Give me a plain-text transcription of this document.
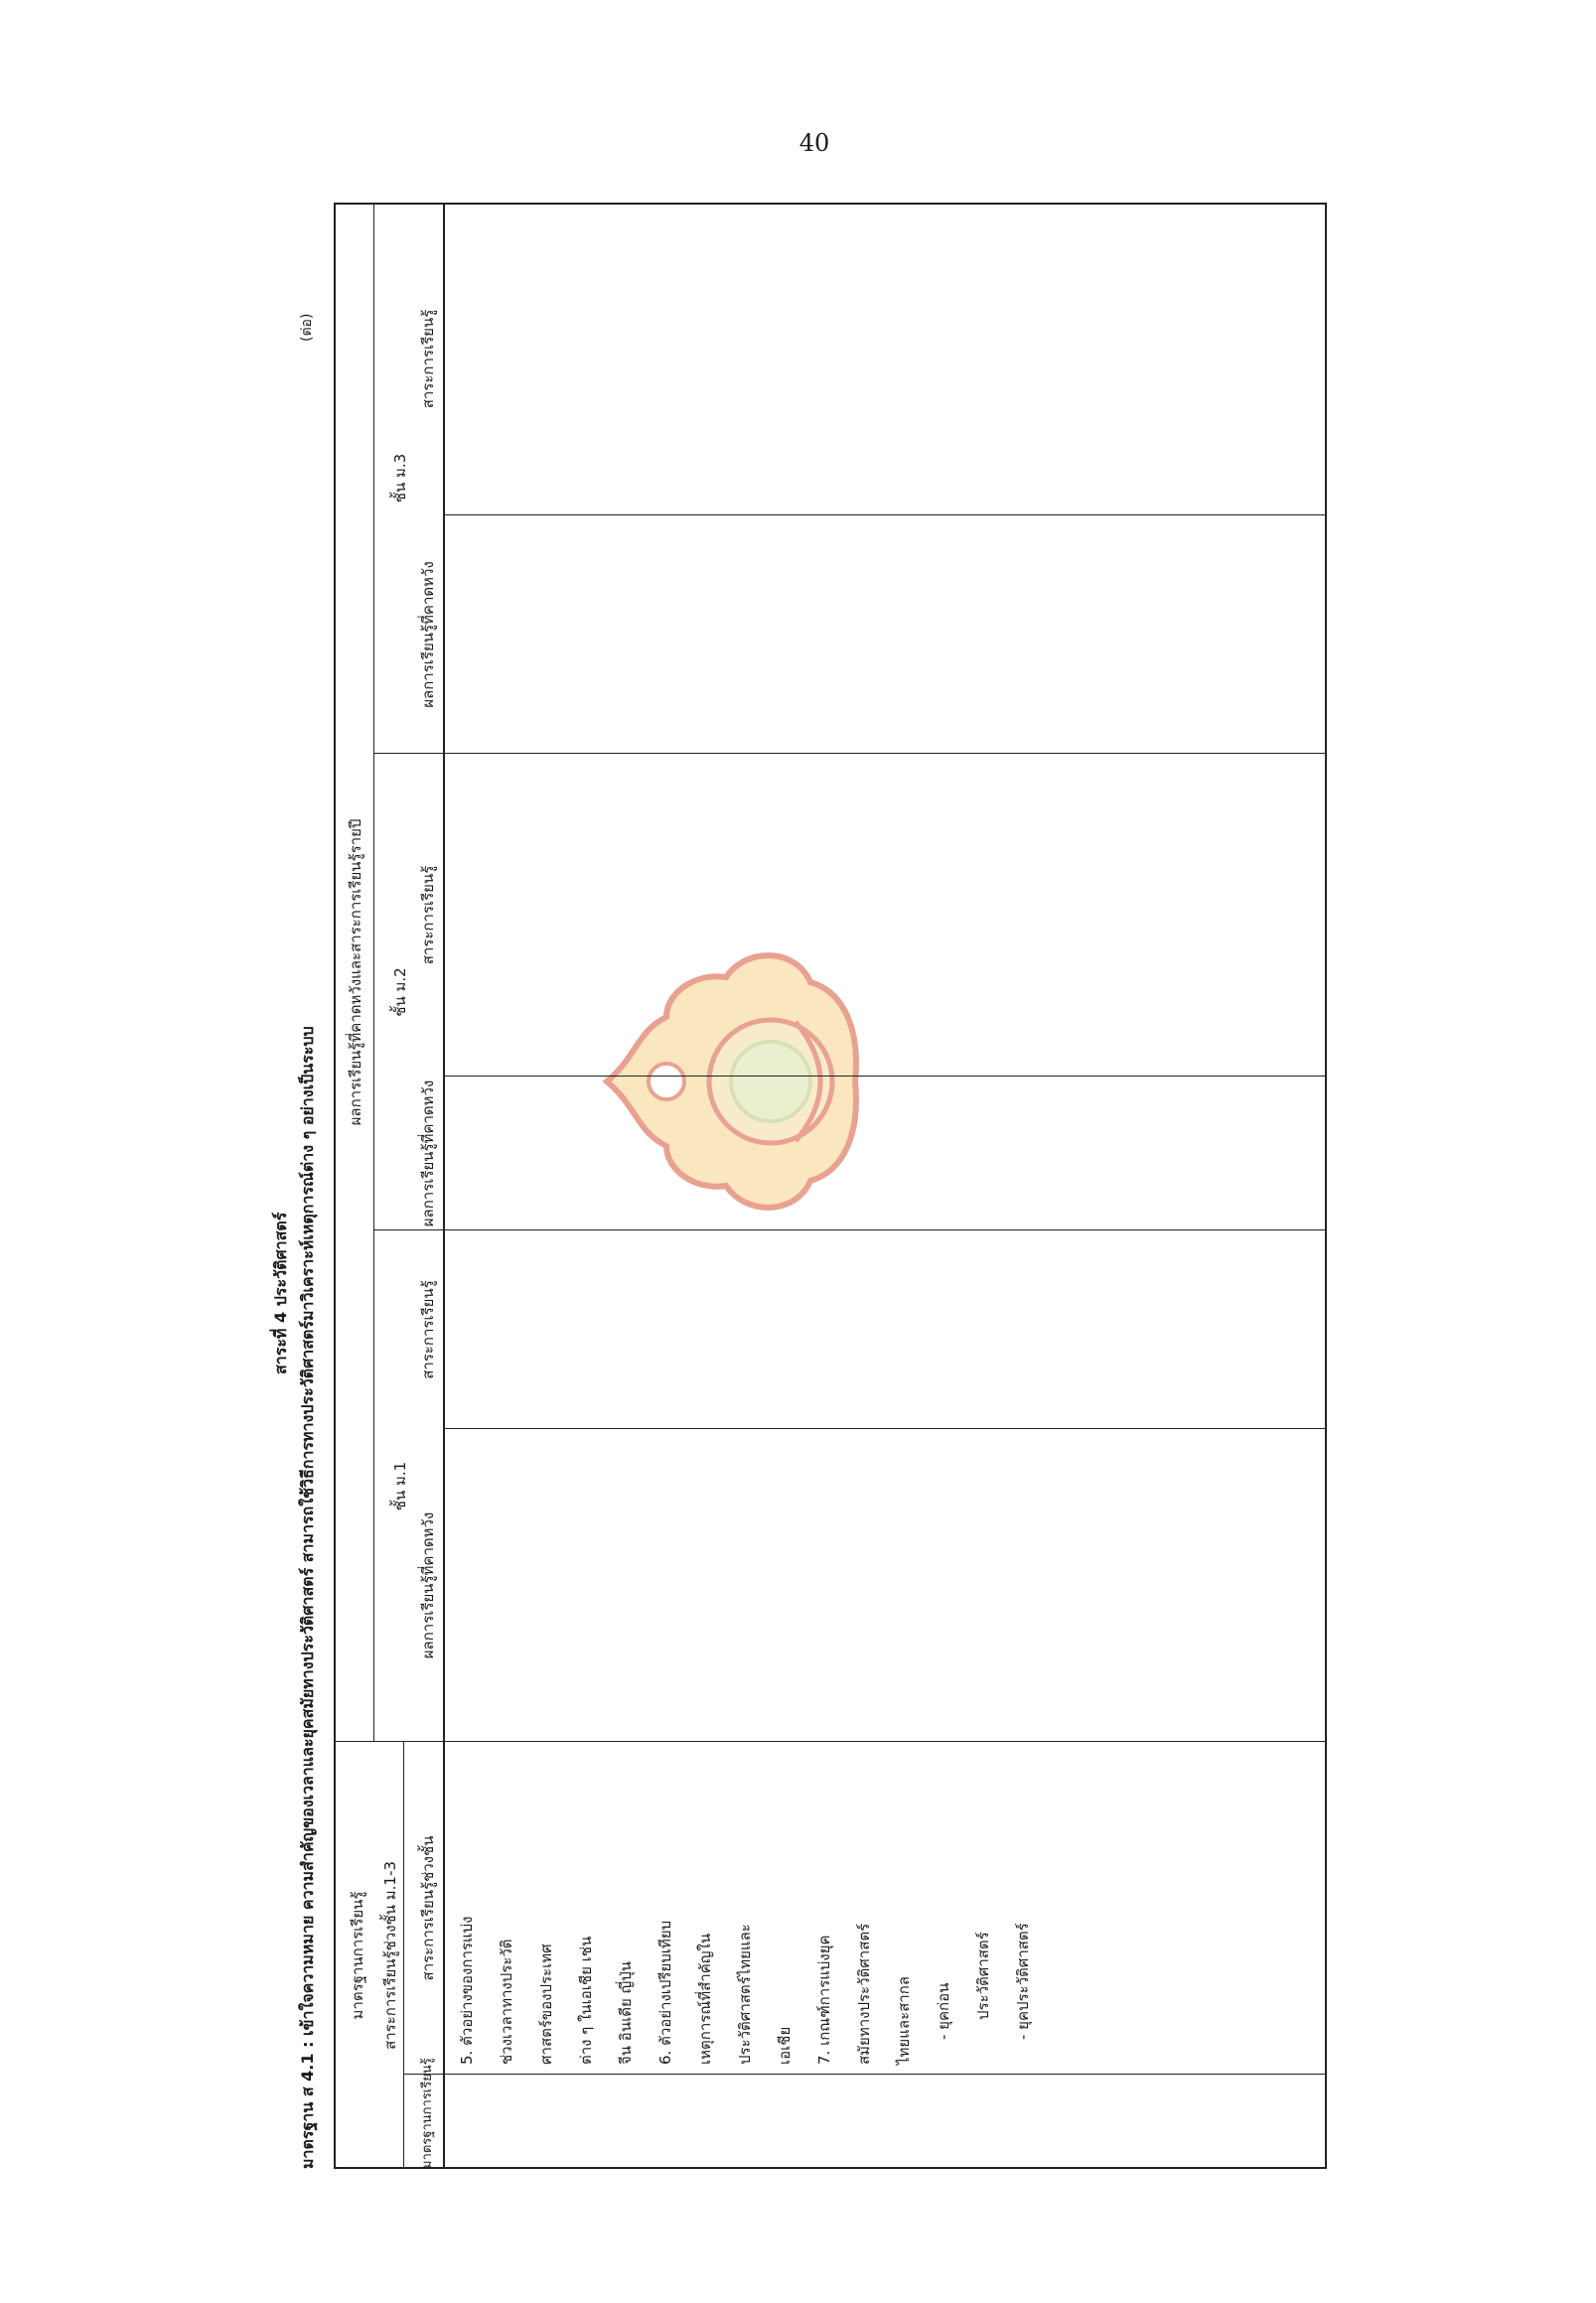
40
สาระที่ 4 ประวัติศาสตร์ มาตรฐาน ส 4.1 : เข้าใจความหมาย ความสำคัญของเวลาและยุคสมัยทางประวัติศาสตร์ สามารถใช้วิธีการทางประวัติศาสตร์มาวิเคราะห์เหตุการณ์ต่าง ๆ อย่างเป็นระบบ
(ต่อ)
มาตรฐานการเรียนรู้ สาระการเรียนรู้ช่วงชั้น ม.1-3
ผลการเรียนรู้ที่คาดหวังและสาระการเรียนรู้รายปี
ชั้น ม.1
ชั้น ม.2
ชั้น ม.3
มาตรฐานการเรียนรู้
สาระการเรียนรู้ช่วงชั้น
ผลการเรียนรู้ที่คาดหวัง
สาระการเรียนรู้
ผลการเรียนรู้ที่คาดหวัง
สาระการเรียนรู้
ผลการเรียนรู้ที่คาดหวัง
สาระการเรียนรู้
5. ตัวอย่างของการแบ่ง ช่วงเวลาทางประวัติ ศาสตร์ของประเทศ ต่าง ๆ ในเอเชีย เช่น จีน อินเดีย ญี่ปุ่น 6. ตัวอย่างเปรียบเทียบ เหตุการณ์ที่สำคัญใน ประวัติศาสตร์ไทยและ เอเชีย 7. เกณฑ์การแบ่งยุค สมัยทางประวัติศาสตร์ ไทยและสากล - ยุคก่อน ประวัติศาสตร์ - ยุคประวัติศาสตร์
